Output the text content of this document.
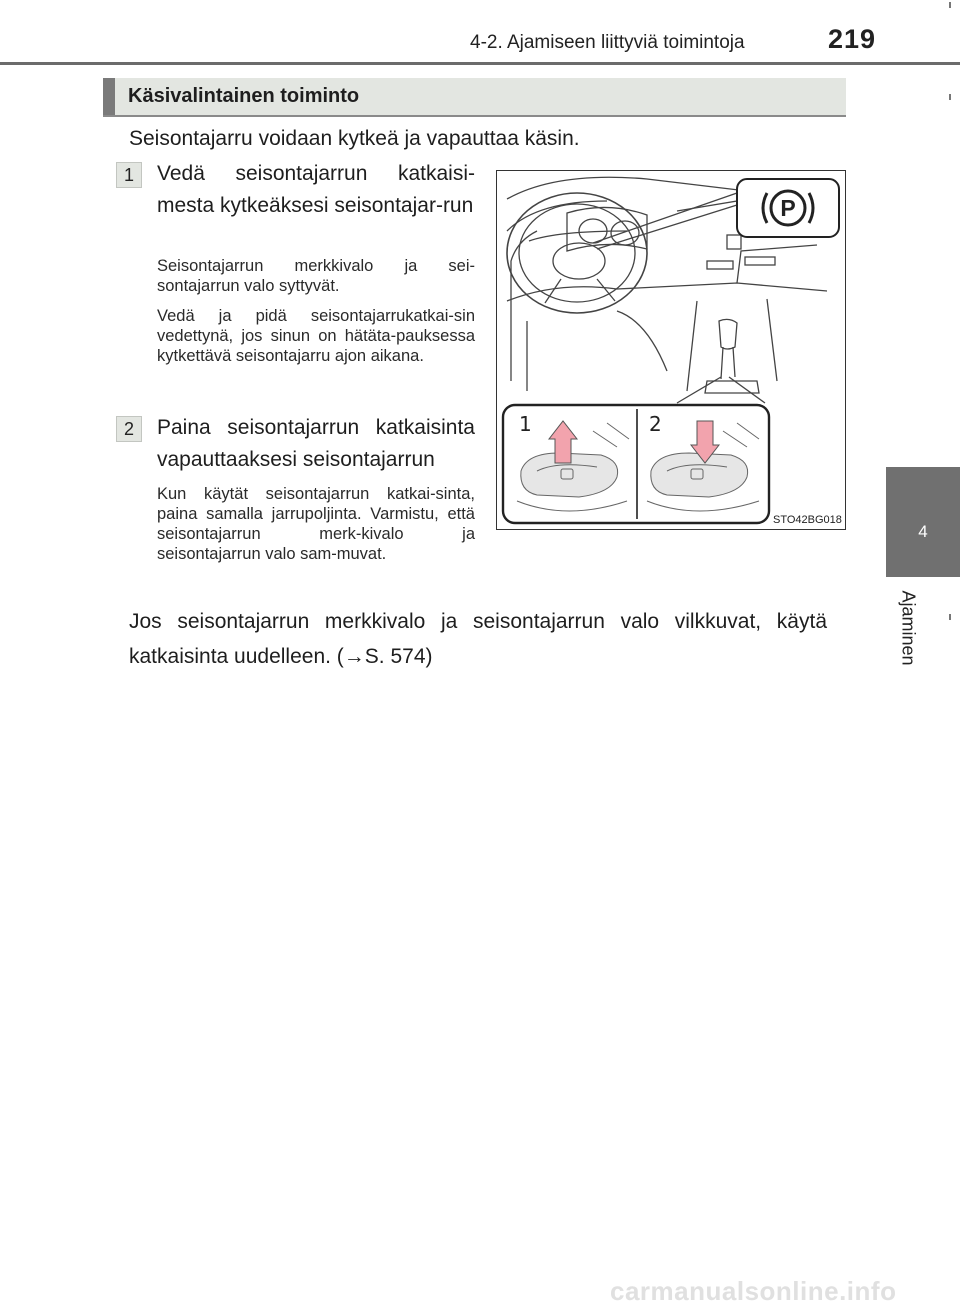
4-2. Ajamiseen liittyviä toimintoja	219
4
Ajaminen
Käsivalintainen toiminto
Seisontajarru voidaan kytkeä ja vapauttaa käsin.
1	Vedä seisontajarrun katkaisi-mesta kytkeäksesi seisontajar-run
Seisontajarrun merkkivalo ja sei-sontajarrun valo syttyvät.
Vedä ja pidä seisontajarrukatkai-sin vedettynä, jos sinun on hätäta-pauksessa kytkettävä seisontajarru ajon aikana.
2	Paina seisontajarrun katkaisinta vapauttaaksesi seisontajarrun
Kun käytät seisontajarrun katkai-sinta, paina samalla jarrupoljinta. Varmistu, että seisontajarrun merk-kivalo ja seisontajarrun valo sam-muvat.
P
1	2
STO42BG018
Jos seisontajarrun merkkivalo ja seisontajarrun valo vilkkuvat, käytä katkaisinta uudelleen. (→S. 574)
carmanualsonline.info
